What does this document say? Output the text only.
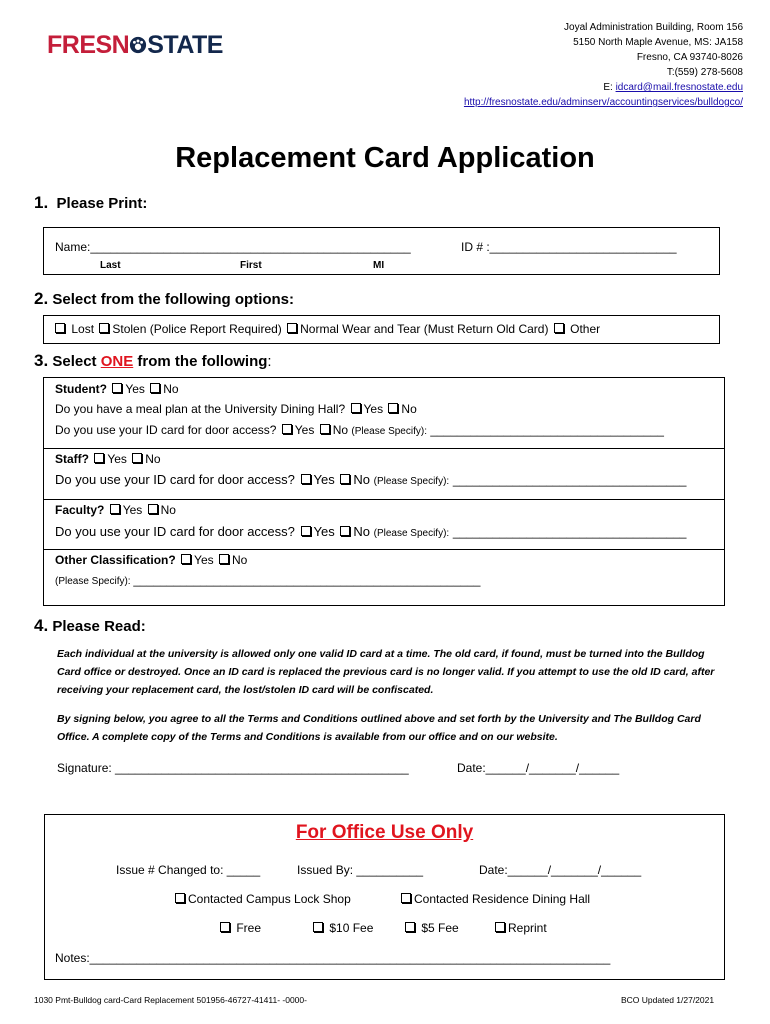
FRESN STATE
Joyal Administration Building, Room 156
5150 North Maple Avenue, MS: JA158
Fresno, CA 93740-8026
T:(559) 278-5608
E: idcard@mail.fresnostate.edu
http://fresnostate.edu/adminserv/accountingservices/bulldogco/
Replacement Card Application
1. Please Print:
Name:________________________________________________	ID # :____________________________
Last	First	MI
2. Select from the following options:
Lost Stolen (Police Report Required) Normal Wear and Tear (Must Return Old Card) Other
3. Select ONE from the following:
Student? Yes No
Do you have a meal plan at the University Dining Hall? Yes No
Do you use your ID card for door access? Yes No (Please Specify): ___________________________________
Staff? Yes No
Do you use your ID card for door access? Yes No (Please Specify): ___________________________________
Faculty? Yes No
Do you use your ID card for door access? Yes No (Please Specify): ___________________________________
Other Classification? Yes No
(Please Specify): ____________________________________________________
4. Please Read:
Each individual at the university is allowed only one valid ID card at a time. The old card, if found, must be turned into the Bulldog Card office or destroyed. Once an ID card is replaced the previous card is no longer valid. If you attempt to use the old ID card, after receiving your replacement card, the lost/stolen ID card will be confiscated.
By signing below, you agree to all the Terms and Conditions outlined above and set forth by the University and The Bulldog Card Office. A complete copy of the Terms and Conditions is available from our office and on our website.
Signature: ____________________________________________	Date:______/_______/______
For Office Use Only
Issue # Changed to: _____	Issued By: __________	Date:______/_______/______
Contacted Campus Lock Shop	Contacted Residence Dining Hall
Free	$10 Fee	$5 Fee	Reprint
Notes:______________________________________________________________________________
1030 Pmt-Bulldog card-Card Replacement 501956-46727-41411- -0000-	BCO Updated 1/27/2021
